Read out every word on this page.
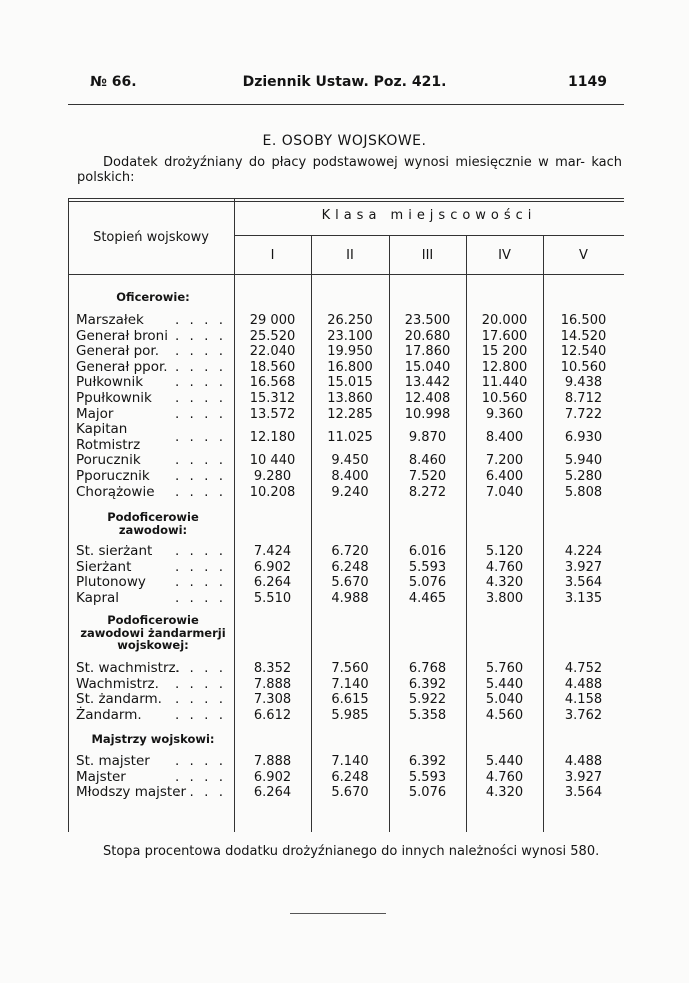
№ 66.	Dziennik Ustaw. Poz. 421.	1149
E. OSOBY WOJSKOWE.
Dodatek drożyźniany do płacy podstawowej wynosi miesięcznie w mar- kach polskich:
Stopień wojskowy
Klasa miejscowości
I	II	III	IV	V
Oficerowie:
Marszałek . . . .	29 000	26.250	23.500	20.000	16.500
Generał broni . . . .	25.520	23.100	20.680	17.600	14.520
Generał por. . . . .	22.040	19.950	17.860	15 200	12.540
Generał ppor. . . . .	18.560	16.800	15.040	12.800	10.560
Pułkownik . . . .	16.568	15.015	13.442	11.440	9.438
Ppułkownik . . . .	15.312	13.860	12.408	10.560	8.712
Major	. . . .	13.572	12.285	10.998	9.360	7.722
Kapitan
Rotmistrz	. . . .	12.180	11.025	9.870	8.400	6.930
Porucznik	. . . .	10 440	9.450	8.460	7.200	5.940
Pporucznik . . . .	9.280	8.400	7.520	6.400	5.280
Chorążowie . . . .	10.208	9.240	8.272	7.040	5.808
Podoficerowie zawodowi:
St. sierżant . . . .	7.424	6.720	6.016	5.120	4.224
Sierżant	. . . .	6.902	6.248	5.593	4.760	3.927
Plutonowy . . . .	6.264	5.670	5.076	4.320	3.564
Kapral	. . . .	5.510	4.988	4.465	3.800	3.135
Podoficerowie zawodowi żandarmerji wojskowej:
St. wachmistrz.
. . . .	8.352	7.560	6.768	5.760	4.752
Wachmistrz. . . . .	7.888	7.140	6.392	5.440	4.488
St. żandarm. . . . .	7.308	6.615	5.922	5.040	4.158
Żandarm. . . . .	6.612	5.985	5.358	4.560	3.762
Majstrzy wojskowi:
St. majster . . . .	7.888	7.140	6.392	5.440	4.488
Majster	. . . .	6.902	6.248	5.593	4.760	3.927
Młodszy majster
. . . .	6.264	5.670	5.076	4.320	3.564
Stopa procentowa dodatku drożyźnianego do innych należności wynosi 580.
